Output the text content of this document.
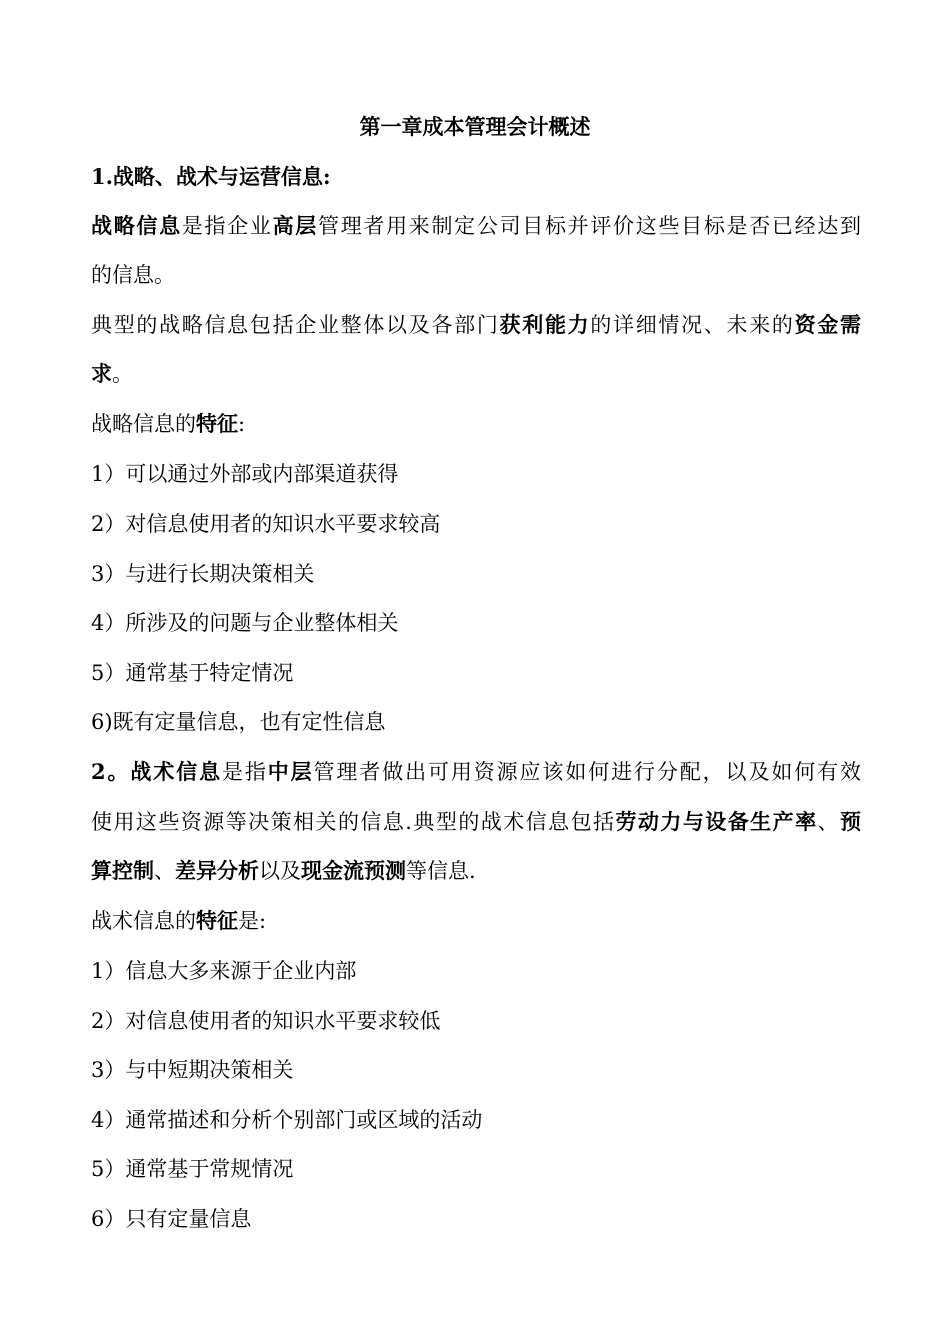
第一章成本管理会计概述
1.战略、战术与运营信息:
战略信息是指企业高层管理者用来制定公司目标并评价这些目标是否已经达到
的信息。
典型的战略信息包括企业整体以及各部门获利能力的详细情况、未来的资金需
求。
战略信息的特征:
1）可以通过外部或内部渠道获得
2）对信息使用者的知识水平要求较高
3）与进行长期决策相关
4）所涉及的问题与企业整体相关
5）通常基于特定情况
6)既有定量信息，也有定性信息
2。战术信息是指中层管理者做出可用资源应该如何进行分配，以及如何有效
使用这些资源等决策相关的信息.典型的战术信息包括劳动力与设备生产率、预
算控制、差异分析以及现金流预测等信息.
战术信息的特征是:
1）信息大多来源于企业内部
2）对信息使用者的知识水平要求较低
3）与中短期决策相关
4）通常描述和分析个别部门或区域的活动
5）通常基于常规情况
6）只有定量信息
